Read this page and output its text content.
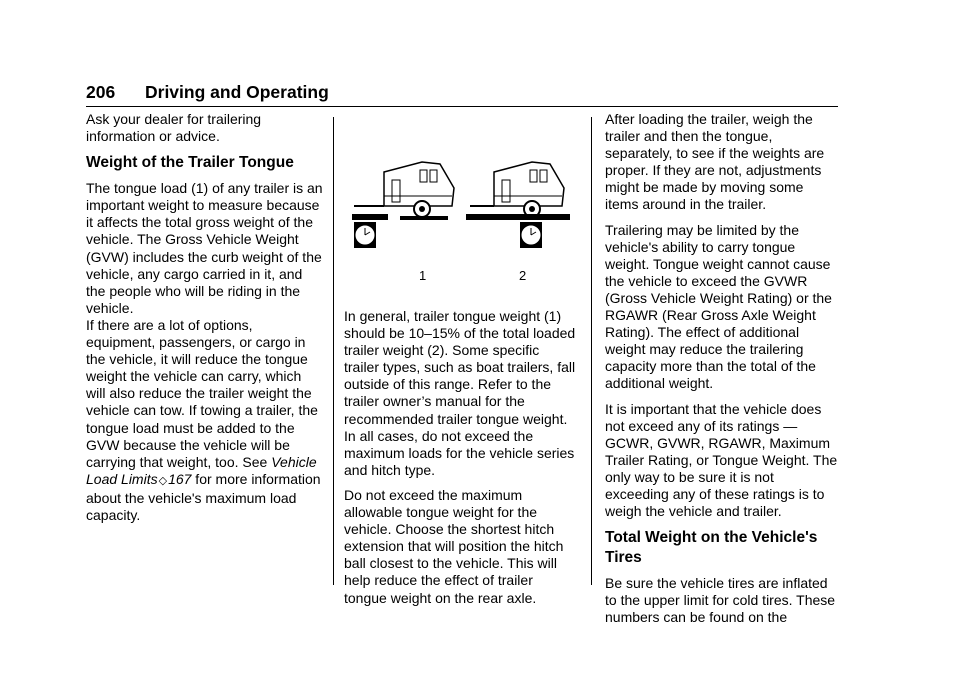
206 Driving and Operating

Ask your dealer for trailering information or advice.

Weight of the Trailer Tongue

The tongue load (1) of any trailer is an important weight to measure because it affects the total gross weight of the vehicle. The Gross Vehicle Weight (GVW) includes the curb weight of the vehicle, any cargo carried in it, and the people who will be riding in the vehicle.

If there are a lot of options, equipment, passengers, or cargo in the vehicle, it will reduce the tongue weight the vehicle can carry, which will also reduce the trailer weight the vehicle can tow. If towing a trailer, the tongue load must be added to the GVW because the vehicle will be carrying that weight, too. See Vehicle Load Limits◇167 for more information about the vehicle's maximum load capacity.

1	2

In general, trailer tongue weight (1) should be 10–15% of the total loaded trailer weight (2). Some specific trailer types, such as boat trailers, fall outside of this range. Refer to the trailer owner’s manual for the recommended trailer tongue weight. In all cases, do not exceed the maximum loads for the vehicle series and hitch type.

Do not exceed the maximum allowable tongue weight for the vehicle. Choose the shortest hitch extension that will position the hitch ball closest to the vehicle. This will help reduce the effect of trailer tongue weight on the rear axle.

After loading the trailer, weigh the trailer and then the tongue, separately, to see if the weights are proper. If they are not, adjustments might be made by moving some items around in the trailer.

Trailering may be limited by the vehicle's ability to carry tongue weight. Tongue weight cannot cause the vehicle to exceed the GVWR (Gross Vehicle Weight Rating) or the RGAWR (Rear Gross Axle Weight Rating). The effect of additional weight may reduce the trailering capacity more than the total of the additional weight.

It is important that the vehicle does not exceed any of its ratings — GCWR, GVWR, RGAWR, Maximum Trailer Rating, or Tongue Weight. The only way to be sure it is not exceeding any of these ratings is to weigh the vehicle and trailer.

Total Weight on the Vehicle's Tires

Be sure the vehicle tires are inflated to the upper limit for cold tires. These numbers can be found on the
